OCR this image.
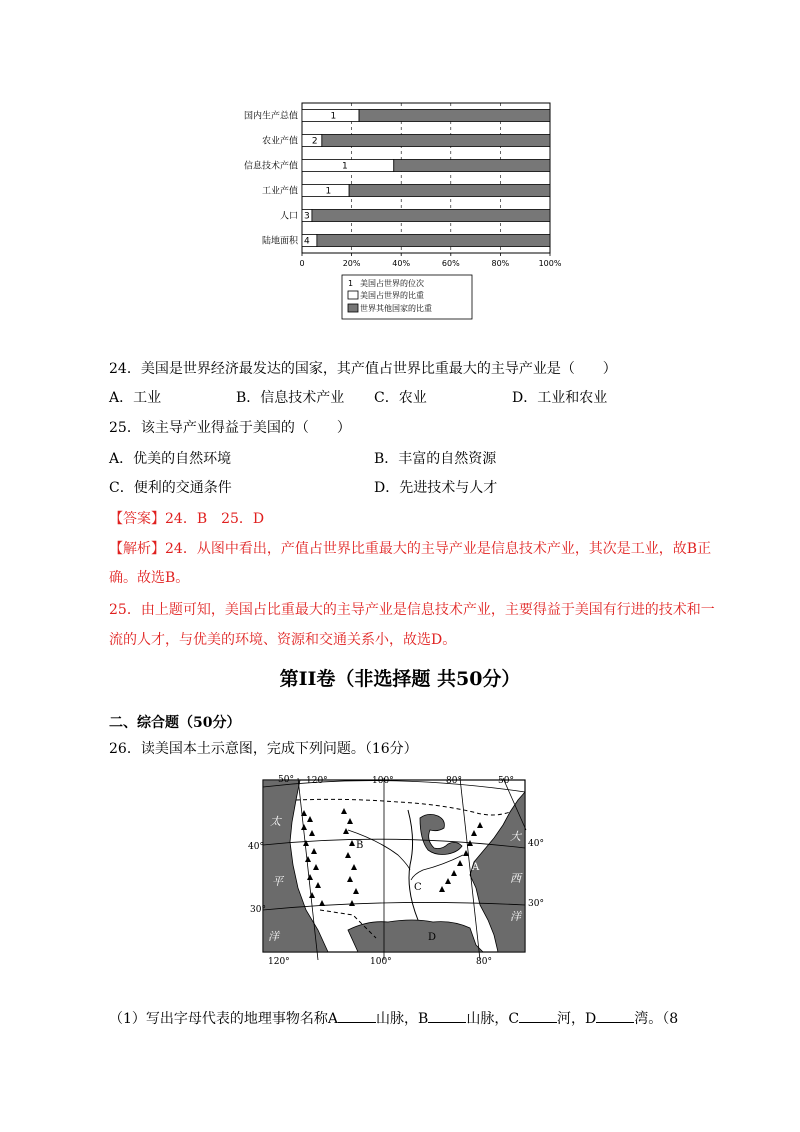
国内生产总值	1
农业产值 2
信息技术产值	1
工业产值	1
人口 3
陆地面积 4
0	20%	40%	60%	80%	100%
1 美国占世界的位次
美国占世界的比重
世界其他国家的比重
24．美国是世界经济最发达的国家，其产值占世界比重最大的主导产业是（　　）
A．工业	B．信息技术产业 C．农业	D．工业和农业
25．该主导产业得益于美国的（　　）
A．优美的自然环境	B．丰富的自然资源
C．便利的交通条件	D．先进技术与人才
【答案】24．B　25．D
【解析】24．从图中看出，产值占世界比重最大的主导产业是信息技术产业，其次是工业，故B正
确。故选B。
25．由上题可知，美国占比重最大的主导产业是信息技术产业，主要得益于美国有行进的技术和一
流的人才，与优美的环境、资源和交通关系小，故选D。
第II卷（非选择题 共50分）
二、综合题（50分）
26．读美国本土示意图，完成下列问题。（16分）
50°
40°
30°
120°	100°	80°	50°
120°	100°	80°
40°
30°
A
B
C
D
太
平
洋
大
西
洋
（1）写出字母代表的地理事物名称A	山脉，B	山脉，C	河，D	湾。（8
